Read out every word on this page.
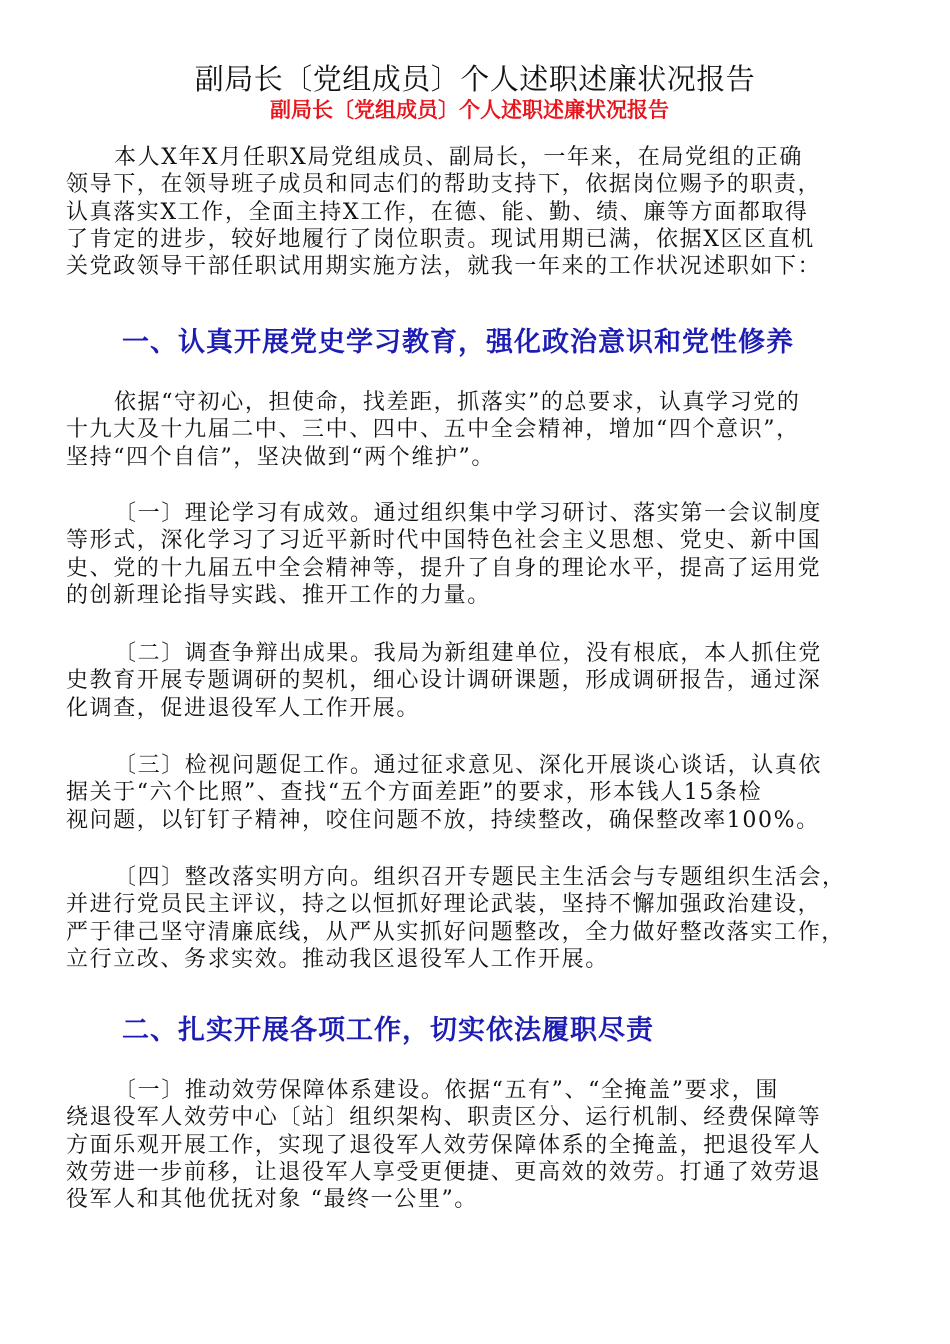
副局长〔党组成员〕个人述职述廉状况报告
副局长〔党组成员〕个人述职述廉状况报告
本人X年X月任职X局党组成员、副局长，一年来，在局党组的正确
领导下，在领导班子成员和同志们的帮助支持下，依据岗位赐予的职责，
认真落实X工作，全面主持X工作，在德、能、勤、绩、廉等方面都取得
了肯定的进步，较好地履行了岗位职责。现试用期已满，依据X区区直机
关党政领导干部任职试用期实施方法，就我一年来的工作状况述职如下：
一、认真开展党史学习教育，强化政治意识和党性修养
依据“守初心，担使命，找差距，抓落实”的总要求，认真学习党的
十九大及十九届二中、三中、四中、五中全会精神，增加“四个意识”，
坚持“四个自信”，坚决做到“两个维护”。
〔一〕理论学习有成效。通过组织集中学习研讨、落实第一会议制度
等形式，深化学习了习近平新时代中国特色社会主义思想、党史、新中国
史、党的十九届五中全会精神等，提升了自身的理论水平，提高了运用党
的创新理论指导实践、推开工作的力量。
〔二〕调查争辩出成果。我局为新组建单位，没有根底，本人抓住党
史教育开展专题调研的契机，细心设计调研课题，形成调研报告，通过深
化调查，促进退役军人工作开展。
〔三〕检视问题促工作。通过征求意见、深化开展谈心谈话，认真依
据关于“六个比照”、查找“五个方面差距”的要求，形本钱人15条检
视问题，以钉钉子精神，咬住问题不放，持续整改，确保整改率100%。
〔四〕整改落实明方向。组织召开专题民主生活会与专题组织生活会，
并进行党员民主评议，持之以恒抓好理论武装，坚持不懈加强政治建设，
严于律己坚守清廉底线，从严从实抓好问题整改，全力做好整改落实工作，
立行立改、务求实效。推动我区退役军人工作开展。
二、扎实开展各项工作，切实依法履职尽责
〔一〕推动效劳保障体系建设。依据“五有”、“全掩盖”要求，围
绕退役军人效劳中心〔站〕组织架构、职责区分、运行机制、经费保障等
方面乐观开展工作，实现了退役军人效劳保障体系的全掩盖，把退役军人
效劳进一步前移，让退役军人享受更便捷、更高效的效劳。打通了效劳退
役军人和其他优抚对象 “最终一公里”。
